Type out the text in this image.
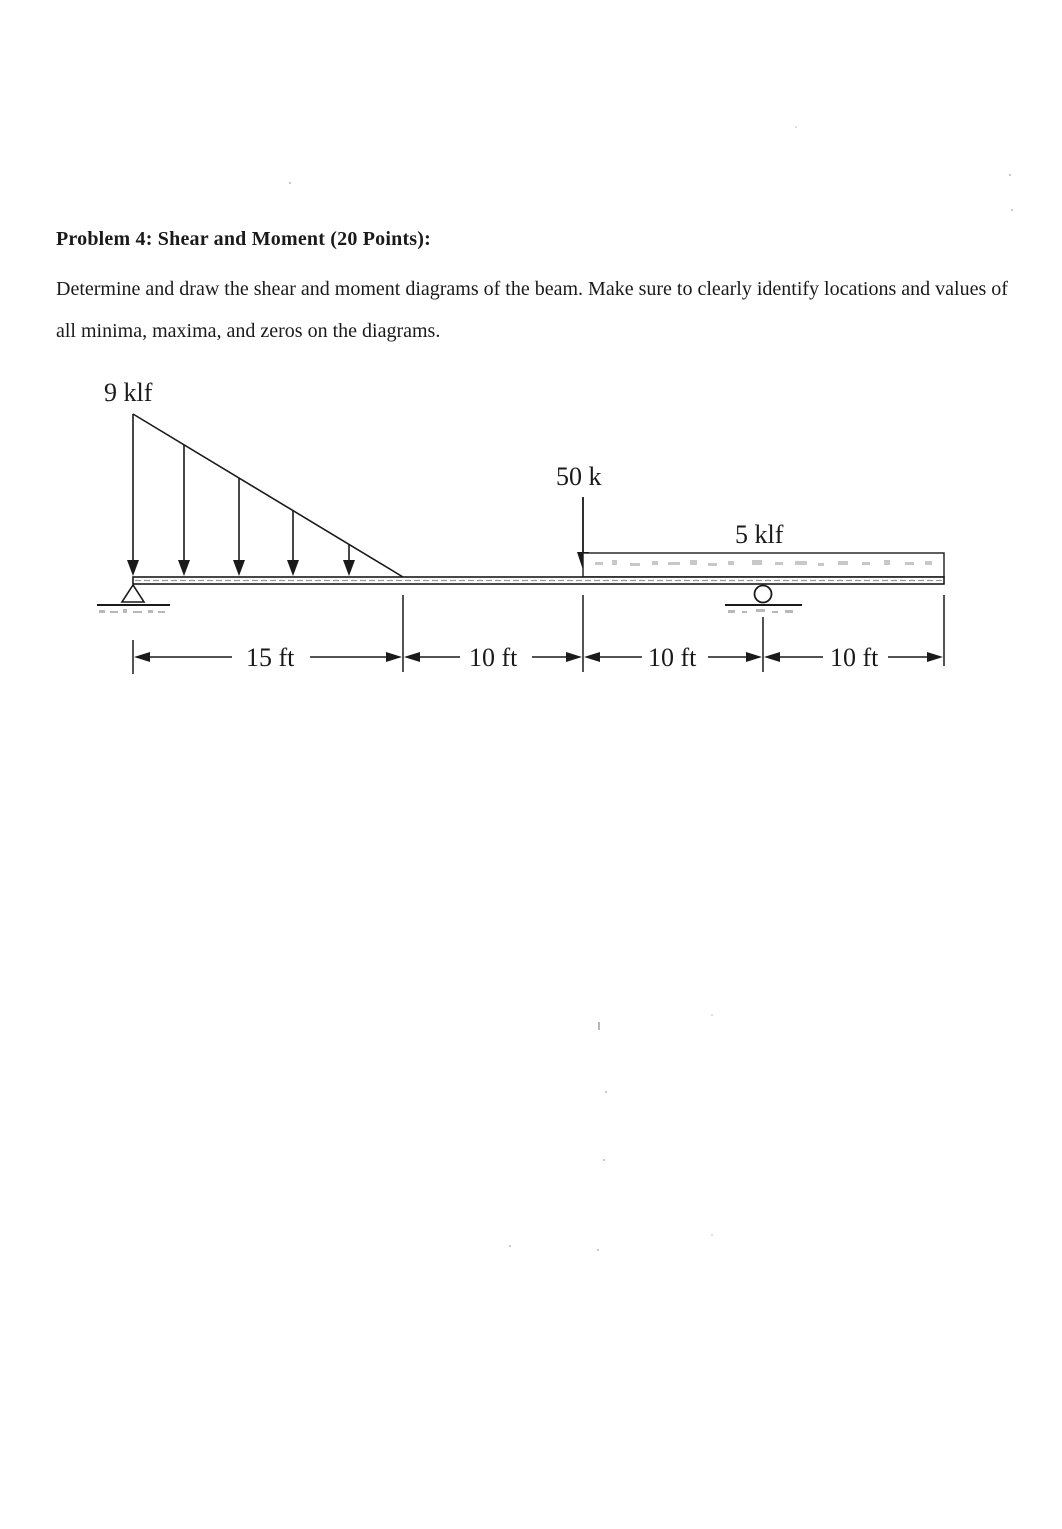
Problem 4: Shear and Moment (20 Points):
Determine and draw the shear and moment diagrams of the beam. Make sure to clearly identify locations and values of all minima, maxima, and zeros on the diagrams.
9 klf
50 k
5 klf
15 ft	10 ft	10 ft	10 ft
